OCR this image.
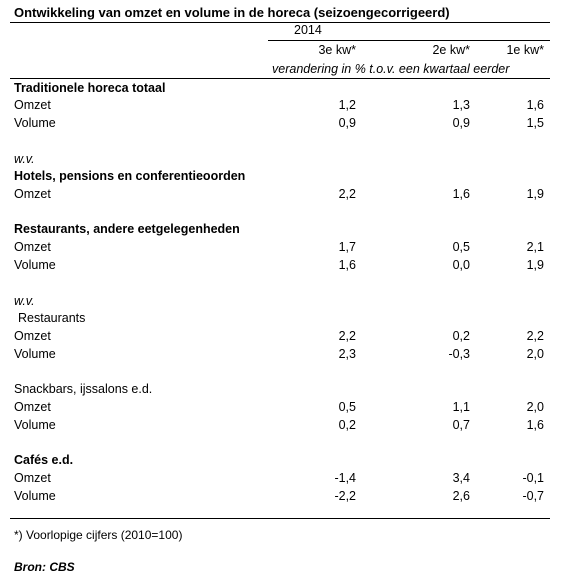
Ontwikkeling van omzet en volume in de horeca (seizoengecorrigeerd)
2014
3e kw*	2e kw*	1e kw*
verandering in % t.o.v. een kwartaal eerder
Traditionele horeca totaal
Omzet	1,2	1,3	1,6
Volume	0,9	0,9	1,5
w.v.
Hotels, pensions en conferentieoorden
Omzet	2,2	1,6	1,9
Restaurants, andere eetgelegenheden
Omzet	1,7	0,5	2,1
Volume	1,6	0,0	1,9
w.v.
Restaurants
Omzet	2,2	0,2	2,2
Volume	2,3	-0,3	2,0
Snackbars, ijssalons e.d.
Omzet	0,5	1,1	2,0
Volume	0,2	0,7	1,6
Cafés e.d.
Omzet	-1,4	3,4	-0,1
Volume	-2,2	2,6	-0,7
*) Voorlopige cijfers (2010=100)
Bron: CBS
